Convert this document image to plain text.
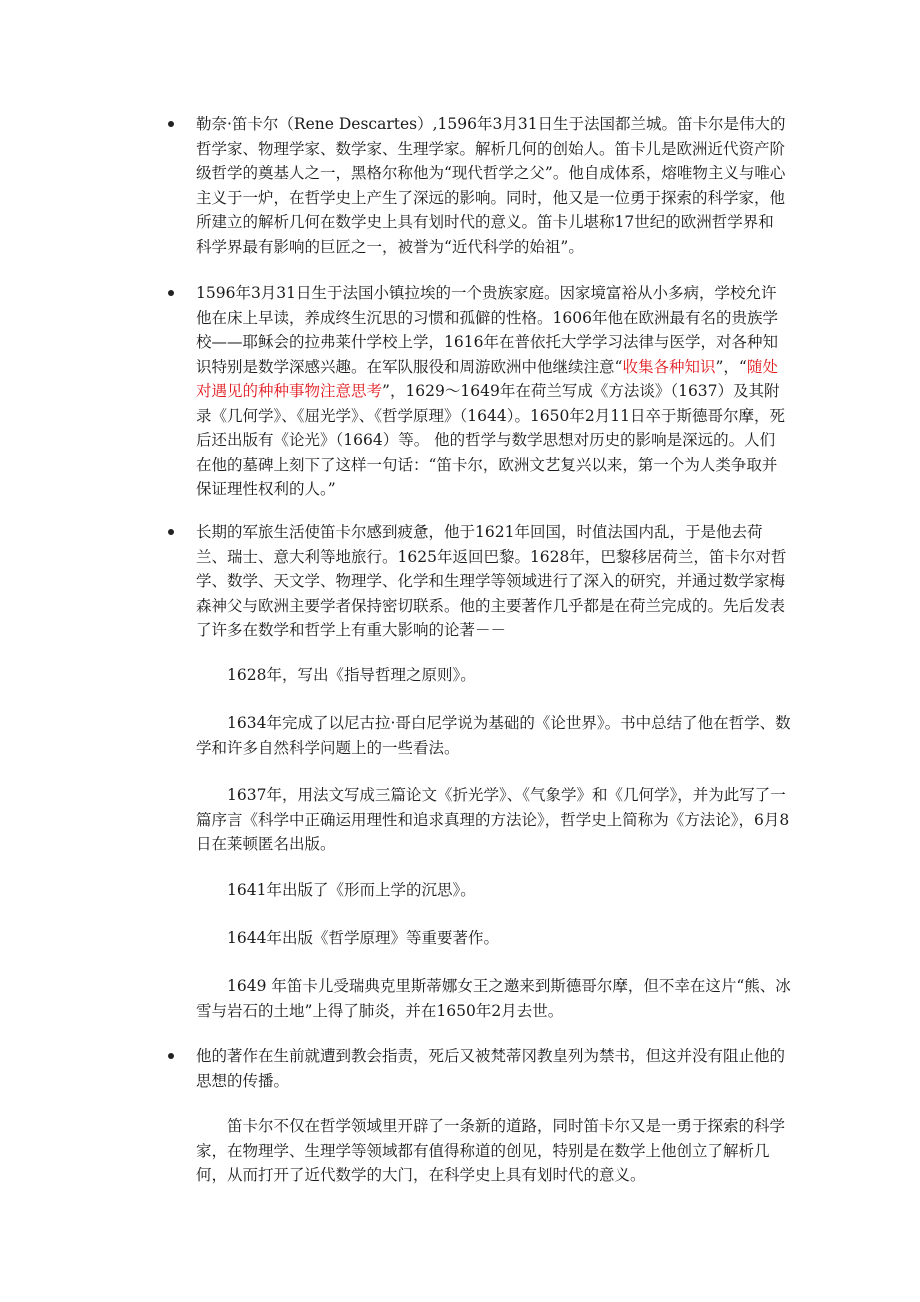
勒奈·笛卡尔（Rene Descartes）,1596年3月31日生于法国都兰城。笛卡尔是伟大的哲学家、物理学家、数学家、生理学家。解析几何的创始人。笛卡儿是欧洲近代资产阶级哲学的奠基人之一，黑格尔称他为“现代哲学之父”。他自成体系，熔唯物主义与唯心主义于一炉，在哲学史上产生了深远的影响。同时，他又是一位勇于探索的科学家，他所建立的解析几何在数学史上具有划时代的意义。笛卡儿堪称17世纪的欧洲哲学界和科学界最有影响的巨匠之一，被誉为“近代科学的始祖”。

1596年3月31日生于法国小镇拉埃的一个贵族家庭。因家境富裕从小多病，学校允许他在床上早读，养成终生沉思的习惯和孤僻的性格。1606年他在欧洲最有名的贵族学校——耶稣会的拉弗莱什学校上学，1616年在普依托大学学习法律与医学，对各种知识特别是数学深感兴趣。在军队服役和周游欧洲中他继续注意“收集各种知识”，“随处对遇见的种种事物注意思考”，1629～1649年在荷兰写成《方法谈》（1637）及其附录《几何学》、《屈光学》、《哲学原理》（1644）。1650年2月11日卒于斯德哥尔摩，死后还出版有《论光》（1664）等。 他的哲学与数学思想对历史的影响是深远的。人们在他的墓碑上刻下了这样一句话：“笛卡尔，欧洲文艺复兴以来，第一个为人类争取并保证理性权利的人。”

长期的军旅生活使笛卡尔感到疲惫，他于1621年回国，时值法国内乱，于是他去荷兰、瑞士、意大利等地旅行。1625年返回巴黎。1628年，巴黎移居荷兰，笛卡尔对哲学、数学、天文学、物理学、化学和生理学等领域进行了深入的研究，并通过数学家梅森神父与欧洲主要学者保持密切联系。他的主要著作几乎都是在荷兰完成的。先后发表了许多在数学和哲学上有重大影响的论著－－

1628年，写出《指导哲理之原则》。

1634年完成了以尼古拉·哥白尼学说为基础的《论世界》。书中总结了他在哲学、数学和许多自然科学问题上的一些看法。

1637年，用法文写成三篇论文《折光学》、《气象学》和《几何学》，并为此写了一篇序言《科学中正确运用理性和追求真理的方法论》，哲学史上简称为《方法论》，6月8日在莱顿匿名出版。

1641年出版了《形而上学的沉思》。

1644年出版《哲学原理》等重要著作。

1649 年笛卡儿受瑞典克里斯蒂娜女王之邀来到斯德哥尔摩，但不幸在这片“熊、冰雪与岩石的土地”上得了肺炎，并在1650年2月去世。

他的著作在生前就遭到教会指责，死后又被梵蒂冈教皇列为禁书，但这并没有阻止他的思想的传播。

笛卡尔不仅在哲学领域里开辟了一条新的道路，同时笛卡尔又是一勇于探索的科学家，在物理学、生理学等领域都有值得称道的创见，特别是在数学上他创立了解析几何，从而打开了近代数学的大门，在科学史上具有划时代的意义。
